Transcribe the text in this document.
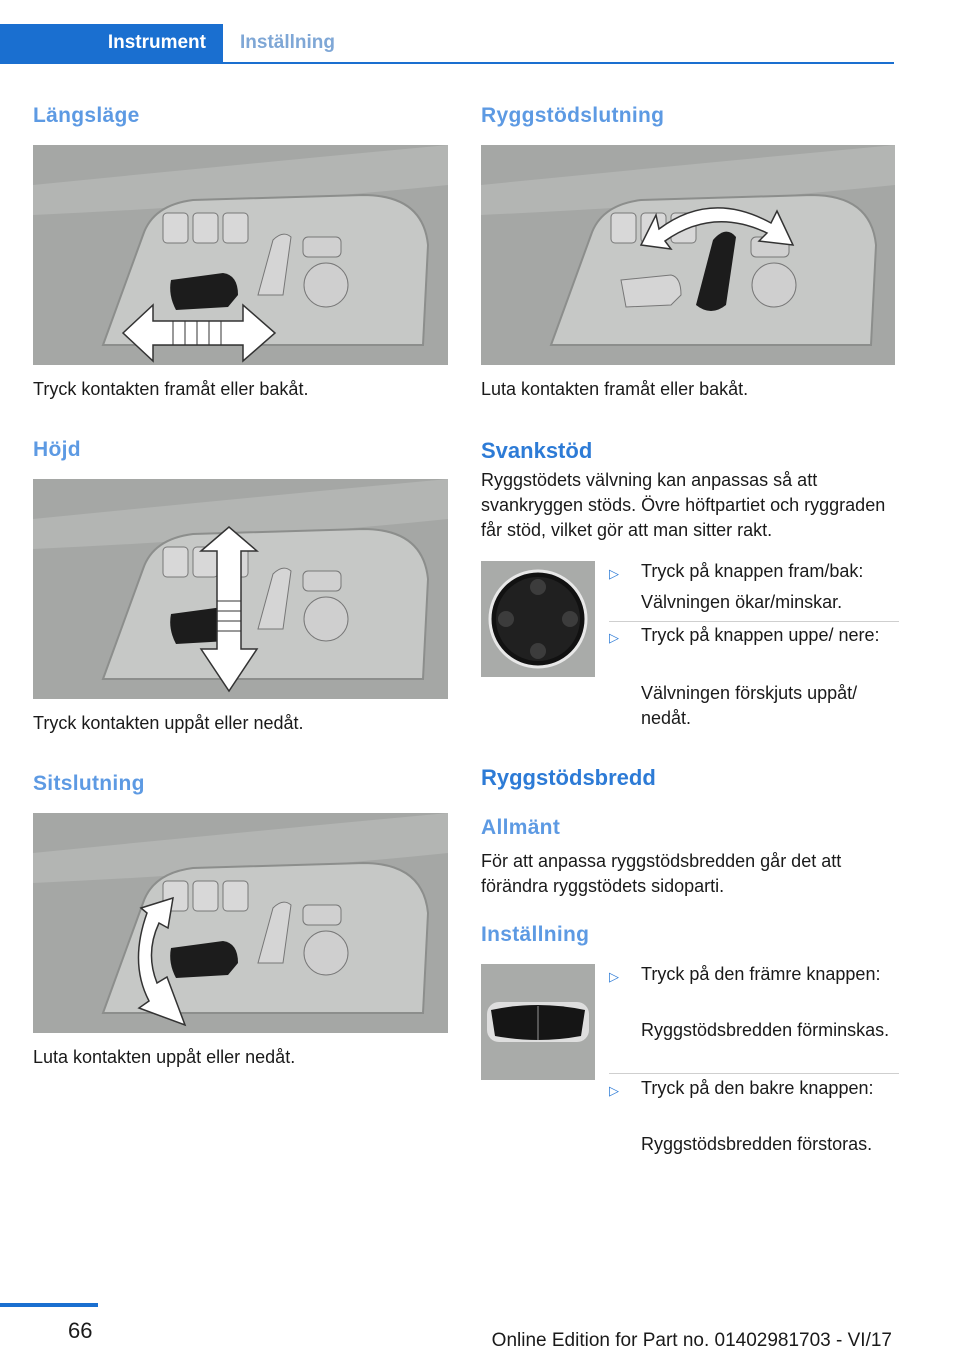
Instrument	Inställning
Längsläge

Tryck kontakten framåt eller bakåt.

Höjd

Tryck kontakten uppåt eller nedåt.

Sitslutning

Luta kontakten uppåt eller nedåt.

Ryggstödslutning

Luta kontakten framåt eller bakåt.

Svankstöd

Ryggstödets välvning kan anpassas så att svankryggen stöds. Övre höftpartiet och ryggraden får stöd, vilket gör att man sitter rakt.

▷ Tryck på knappen fram/bak:
Välvningen ökar/minskar.
▷ Tryck på knappen uppe/ nere:
Välvningen förskjuts uppåt/ nedåt.
Ryggstödsbredd
Allmänt

För att anpassa ryggstödsbredden går det att förändra ryggstödets sidoparti.

Inställning
▷ Tryck på den främre knappen:
Ryggstödsbredden förminskas.
▷ Tryck på den bakre knappen:
Ryggstödsbredden förstoras.
66	Online Edition for Part no. 01402981703 - VI/17
